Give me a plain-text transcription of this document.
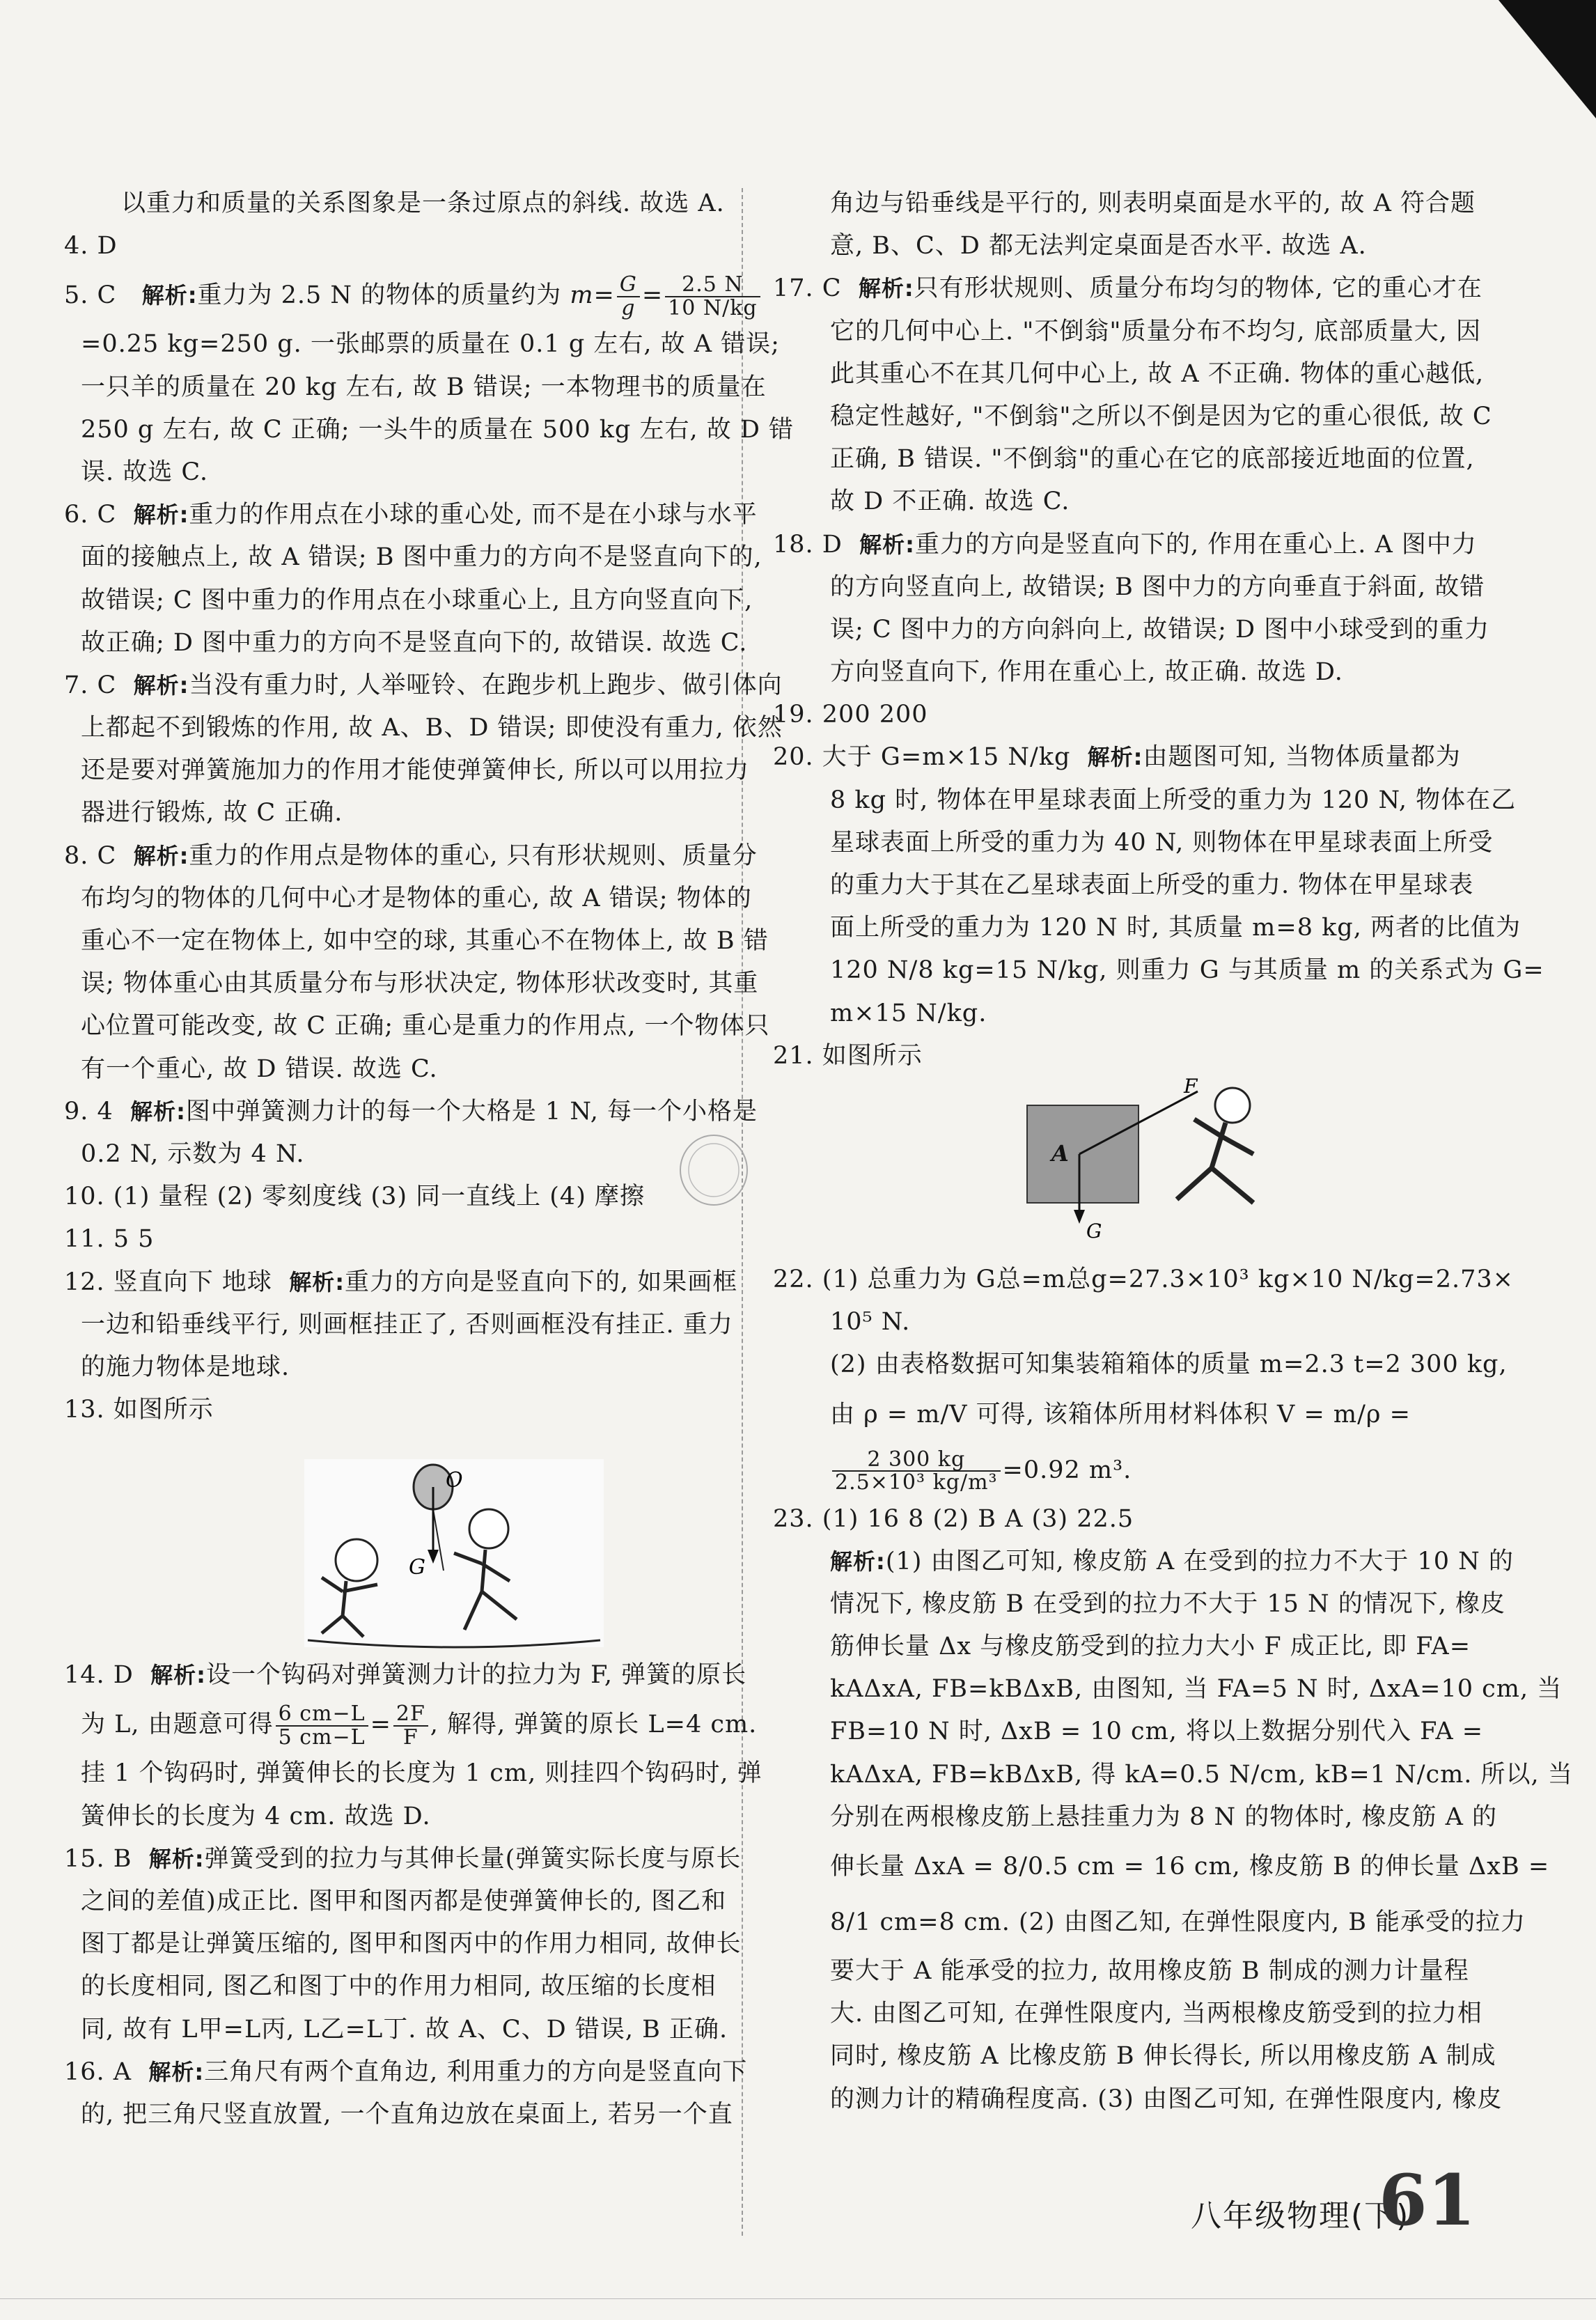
以重力和质量的关系图象是一条过原点的斜线. 故选 A.
4. D
5. C 解析:重力为 2.5 N 的物体的质量约为 $m= \frac{G}{g} = \frac{2.5 N}{10 N/kg}$
=0.25 kg=250 g. 一张邮票的质量在 0.1 g 左右, 故 A 错误;
一只羊的质量在 20 kg 左右, 故 B 错误; 一本物理书的质量在
250 g 左右, 故 C 正确; 一头牛的质量在 500 kg 左右, 故 D 错
误. 故选 C.
6. C 解析:重力的作用点在小球的重心处, 而不是在小球与水平
面的接触点上, 故 A 错误; B 图中重力的方向不是竖直向下的,
故错误; C 图中重力的作用点在小球重心上, 且方向竖直向下,
故正确; D 图中重力的方向不是竖直向下的, 故错误. 故选 C.
7. C 解析:当没有重力时, 人举哑铃、在跑步机上跑步、做引体向
上都起不到锻炼的作用, 故 A、B、D 错误; 即使没有重力, 依然
还是要对弹簧施加力的作用才能使弹簧伸长, 所以可以用拉力
器进行锻炼, 故 C 正确.
8. C 解析:重力的作用点是物体的重心, 只有形状规则、质量分
布均匀的物体的几何中心才是物体的重心, 故 A 错误; 物体的
重心不一定在物体上, 如中空的球, 其重心不在物体上, 故 B 错
误; 物体重心由其质量分布与形状决定, 物体形状改变时, 其重
心位置可能改变, 故 C 正确; 重心是重力的作用点, 一个物体只
有一个重心, 故 D 错误. 故选 C.
9. 4 解析:图中弹簧测力计的每一个大格是 1 N, 每一个小格是
0.2 N, 示数为 4 N.
10. (1) 量程 (2) 零刻度线 (3) 同一直线上 (4) 摩擦
11. 5 5
12. 竖直向下 地球 解析:重力的方向是竖直向下的, 如果画框
一边和铅垂线平行, 则画框挂正了, 否则画框没有挂正. 重力
的施力物体是地球.
13. 如图所示
O
G
14. D 解析:设一个钩码对弹簧测力计的拉力为 F, 弹簧的原长
为 L, 由题意可得 $\frac{6 cm-L}{5 cm-L} = \frac{2F}{F}$ , 解得, 弹簧的原长 L=4 cm.
挂 1 个钩码时, 弹簧伸长的长度为 1 cm, 则挂四个钩码时, 弹
簧伸长的长度为 4 cm. 故选 D.
15. B 解析:弹簧受到的拉力与其伸长量(弹簧实际长度与原长
之间的差值)成正比. 图甲和图丙都是使弹簧伸长的, 图乙和
图丁都是让弹簧压缩的, 图甲和图丙中的作用力相同, 故伸长
的长度相同, 图乙和图丁中的作用力相同, 故压缩的长度相
同, 故有 L甲=L丙, L乙=L丁. 故 A、C、D 错误, B 正确.
16. A 解析:三角尺有两个直角边, 利用重力的方向是竖直向下
的, 把三角尺竖直放置, 一个直角边放在桌面上, 若另一个直
角边与铅垂线是平行的, 则表明桌面是水平的, 故 A 符合题
意, B、C、D 都无法判定桌面是否水平. 故选 A.
17. C 解析:只有形状规则、质量分布均匀的物体, 它的重心才在
它的几何中心上. "不倒翁"质量分布不均匀, 底部质量大, 因
此其重心不在其几何中心上, 故 A 不正确. 物体的重心越低,
稳定性越好, "不倒翁"之所以不倒是因为它的重心很低, 故 C
正确, B 错误. "不倒翁"的重心在它的底部接近地面的位置,
故 D 不正确. 故选 C.
18. D 解析:重力的方向是竖直向下的, 作用在重心上. A 图中力
的方向竖直向上, 故错误; B 图中力的方向垂直于斜面, 故错
误; C 图中力的方向斜向上, 故错误; D 图中小球受到的重力
方向竖直向下, 作用在重心上, 故正确. 故选 D.
19. 200 200
20. 大于 G=m×15 N/kg 解析:由题图可知, 当物体质量都为
8 kg 时, 物体在甲星球表面上所受的重力为 120 N, 物体在乙
星球表面上所受的重力为 40 N, 则物体在甲星球表面上所受
的重力大于其在乙星球表面上所受的重力. 物体在甲星球表
面上所受的重力为 120 N 时, 其质量 m=8 kg, 两者的比值为
120 N/8 kg=15 N/kg, 则重力 G 与其质量 m 的关系式为 G=
m×15 N/kg.
21. 如图所示
A
F
G
22. (1) 总重力为 G总=m总g=27.3×10³ kg×10 N/kg=2.73×
10⁵ N.
(2) 由表格数据可知集装箱箱体的质量 m=2.3 t=2 300 kg,
由 ρ = m/V 可得, 该箱体所用材料体积 V = m/ρ =
$\frac{2 300 kg}{\text{2.5×10³ kg/m³}} =0.92$ m³.
23. (1) 16 8 (2) B A (3) 22.5
解析:(1) 由图乙可知, 橡皮筋 A 在受到的拉力不大于 10 N 的
情况下, 橡皮筋 B 在受到的拉力不大于 15 N 的情况下, 橡皮
筋伸长量 Δx 与橡皮筋受到的拉力大小 F 成正比, 即 FA=
kAΔxA, FB=kBΔxB, 由图知, 当 FA=5 N 时, ΔxA=10 cm, 当
FB=10 N 时, ΔxB = 10 cm, 将以上数据分别代入 FA =
kAΔxA, FB=kBΔxB, 得 kA=0.5 N/cm, kB=1 N/cm. 所以, 当
分别在两根橡皮筋上悬挂重力为 8 N 的物体时, 橡皮筋 A 的
伸长量 ΔxA = 8/0.5 cm = 16 cm, 橡皮筋 B 的伸长量 ΔxB =
8/1 cm=8 cm. (2) 由图乙知, 在弹性限度内, B 能承受的拉力
要大于 A 能承受的拉力, 故用橡皮筋 B 制成的测力计量程
大. 由图乙可知, 在弹性限度内, 当两根橡皮筋受到的拉力相
同时, 橡皮筋 A 比橡皮筋 B 伸长得长, 所以用橡皮筋 A 制成
的测力计的精确程度高. (3) 由图乙可知, 在弹性限度内, 橡皮
八年级物理(下)
61
